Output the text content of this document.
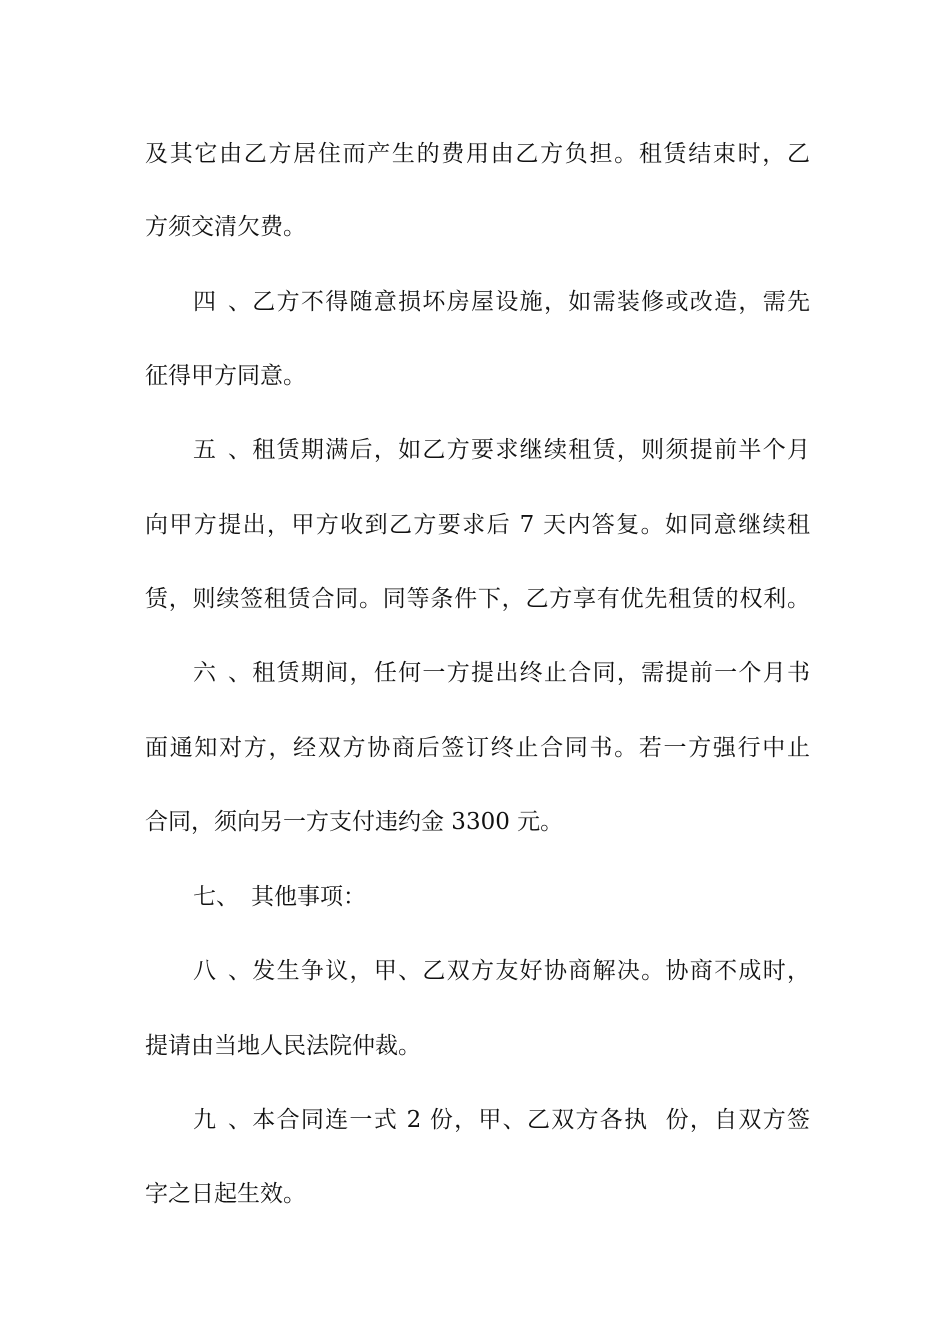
及其它由乙方居住而产生的费用由乙方负担。租赁结束时，乙
方须交清欠费。
四、乙方不得随意损坏房屋设施，如需装修或改造，需先
征得甲方同意。
五、租赁期满后，如乙方要求继续租赁，则须提前半个月
向甲方提出，甲方收到乙方要求后 7 天内答复。如同意继续租
赁，则续签租赁合同。同等条件下，乙方享有优先租赁的权利。
六、租赁期间，任何一方提出终止合同，需提前一个月书
面通知对方，经双方协商后签订终止合同书。若一方强行中止
合同，须向另一方支付违约金 3300 元。
七、 其他事项：
八、发生争议，甲、乙双方友好协商解决。协商不成时，
提请由当地人民法院仲裁。
九、本合同连一式 2 份，甲、乙双方各执  份，自双方签
字之日起生效。
